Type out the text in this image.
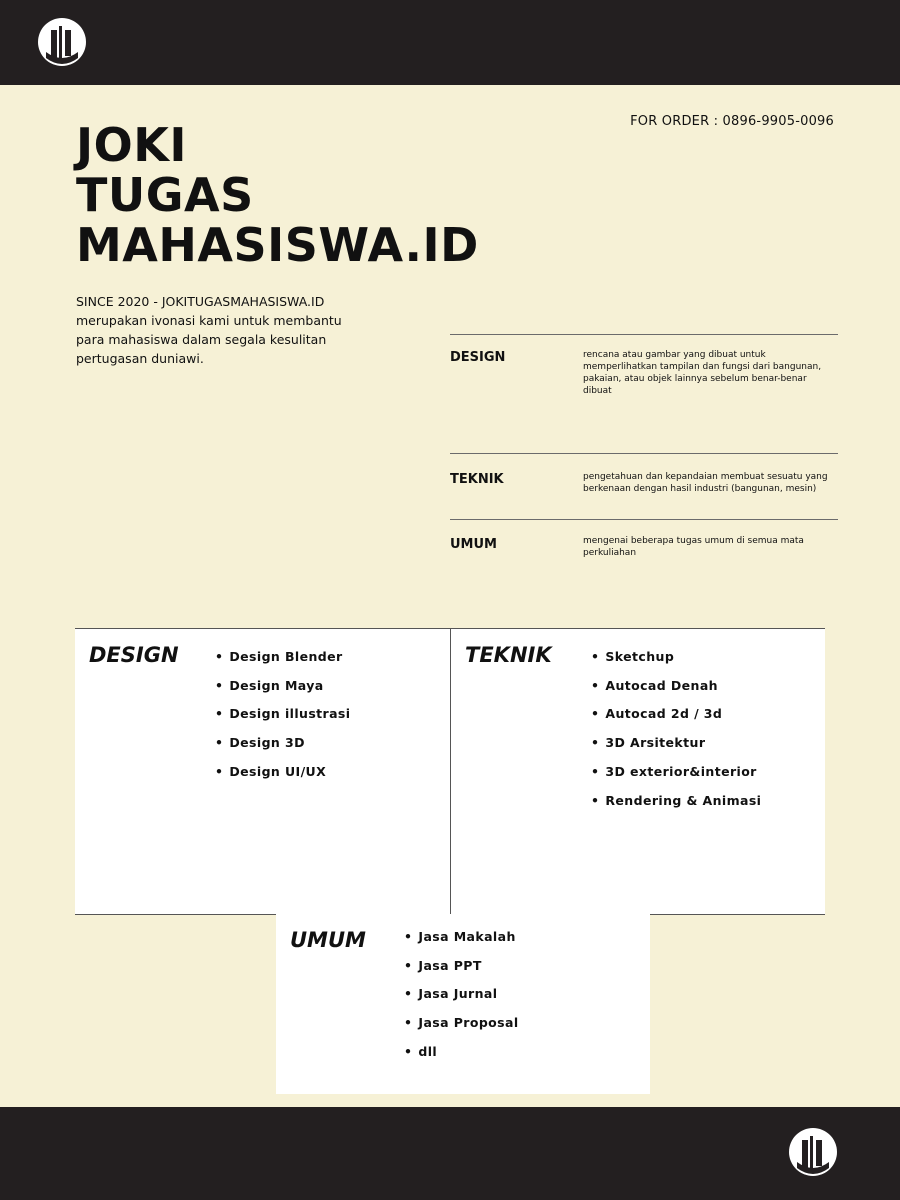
FOR ORDER : 0896-9905-0096
JOKI
TUGAS
MAHASISWA.ID
SINCE 2020 - JOKITUGASMAHASISWA.ID
merupakan ivonasi kami untuk membantu
para mahasiswa dalam segala kesulitan
pertugasan duniawi.	DESIGN	rencana atau gambar yang dibuat untuk memperlihatkan tampilan dan fungsi dari bangunan, pakaian, atau objek lainnya sebelum benar-benar dibuat
TEKNIK	pengetahuan dan kepandaian membuat sesuatu yang berkenaan dengan hasil industri (bangunan, mesin)
UMUM	mengenai beberapa tugas umum di semua mata perkuliahan
DESIGN	• Design Blender
• Design Maya
• Design illustrasi
• Design 3D
• Design UI/UX
TEKNIK	• Sketchup
• Autocad Denah
• Autocad 2d / 3d
• 3D Arsitektur
• 3D exterior&interior
• Rendering & Animasi
UMUM	• Jasa Makalah
• Jasa PPT
• Jasa Jurnal
• Jasa Proposal
• dll
